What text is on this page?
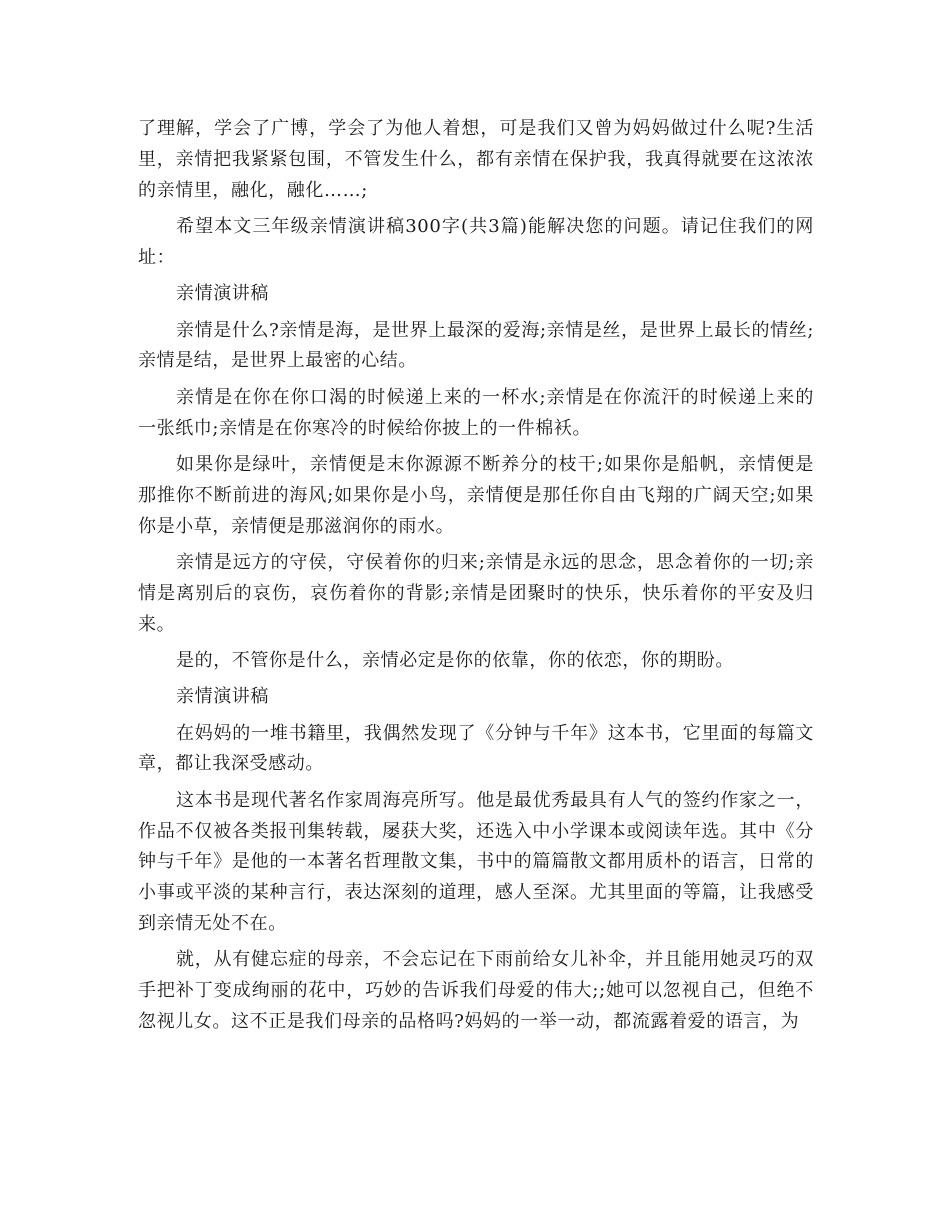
了理解，学会了广博，学会了为他人着想，可是我们又曾为妈妈做过什么呢?生活里，亲情把我紧紧包围，不管发生什么，都有亲情在保护我，我真得就要在这浓浓的亲情里，融化，融化……;

希望本文三年级亲情演讲稿300字(共3篇)能解决您的问题。请记住我们的网址：

亲情演讲稿

亲情是什么?亲情是海，是世界上最深的爱海;亲情是丝，是世界上最长的情丝;亲情是结，是世界上最密的心结。

亲情是在你在你口渴的时候递上来的一杯水;亲情是在你流汗的时候递上来的一张纸巾;亲情是在你寒冷的时候给你披上的一件棉袄。

如果你是绿叶，亲情便是末你源源不断养分的枝干;如果你是船帆，亲情便是那推你不断前进的海风;如果你是小鸟，亲情便是那任你自由飞翔的广阔天空;如果你是小草，亲情便是那滋润你的雨水。

亲情是远方的守侯，守侯着你的归来;亲情是永远的思念，思念着你的一切;亲情是离别后的哀伤，哀伤着你的背影;亲情是团聚时的快乐，快乐着你的平安及归来。

是的，不管你是什么，亲情必定是你的依靠，你的依恋，你的期盼。

亲情演讲稿

在妈妈的一堆书籍里，我偶然发现了《分钟与千年》这本书，它里面的每篇文章，都让我深受感动。

这本书是现代著名作家周海亮所写。他是最优秀最具有人气的签约作家之一，作品不仅被各类报刊集转载，屡获大奖，还选入中小学课本或阅读年选。其中《分钟与千年》是他的一本著名哲理散文集，书中的篇篇散文都用质朴的语言，日常的小事或平淡的某种言行，表达深刻的道理，感人至深。尤其里面的等篇，让我感受到亲情无处不在。

就，从有健忘症的母亲，不会忘记在下雨前给女儿补伞，并且能用她灵巧的双手把补丁变成绚丽的花中，巧妙的告诉我们母爱的伟大;;她可以忽视自己，但绝不忽视儿女。这不正是我们母亲的品格吗?妈妈的一举一动，都流露着爱的语言，为
